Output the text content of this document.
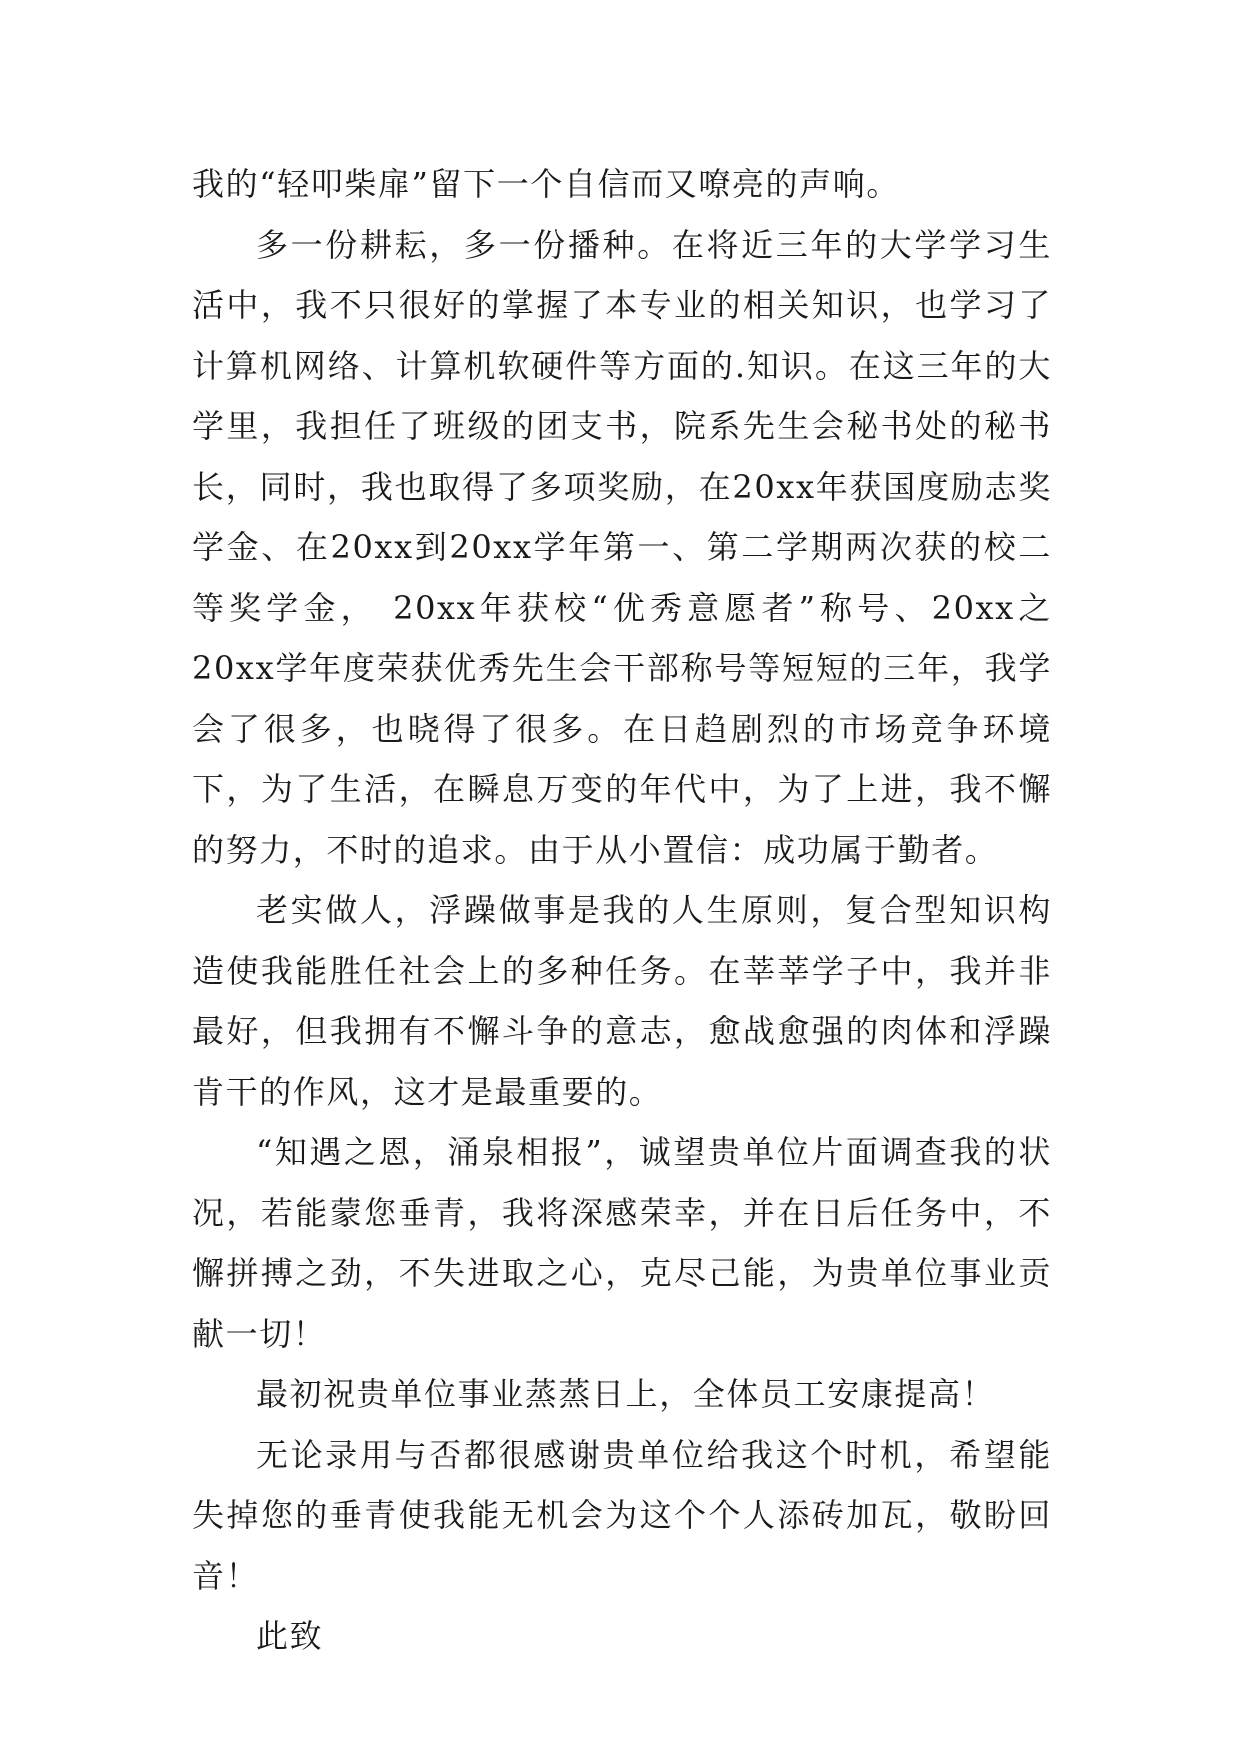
我的“轻叩柴扉”留下一个自信而又嘹亮的声响。

多一份耕耘，多一份播种。在将近三年的大学学习生活中，我不只很好的掌握了本专业的相关知识，也学习了计算机网络、计算机软硬件等方面的.知识。在这三年的大学里，我担任了班级的团支书，院系先生会秘书处的秘书长，同时，我也取得了多项奖励，在20xx年获国度励志奖学金、在20xx到20xx学年第一、第二学期两次获的校二等奖学金， 20xx年获校“优秀意愿者”称号、20xx之20xx学年度荣获优秀先生会干部称号等短短的三年，我学会了很多，也晓得了很多。在日趋剧烈的市场竞争环境下，为了生活，在瞬息万变的年代中，为了上进，我不懈的努力，不时的追求。由于从小置信：成功属于勤者。

老实做人，浮躁做事是我的人生原则，复合型知识构造使我能胜任社会上的多种任务。在莘莘学子中，我并非最好，但我拥有不懈斗争的意志，愈战愈强的肉体和浮躁肯干的作风，这才是最重要的。

“知遇之恩，涌泉相报”，诚望贵单位片面调查我的状况，若能蒙您垂青，我将深感荣幸，并在日后任务中，不懈拼搏之劲，不失进取之心，克尽己能，为贵单位事业贡献一切！

最初祝贵单位事业蒸蒸日上，全体员工安康提高！

无论录用与否都很感谢贵单位给我这个时机，希望能失掉您的垂青使我能无机会为这个个人添砖加瓦，敬盼回音！

此致
